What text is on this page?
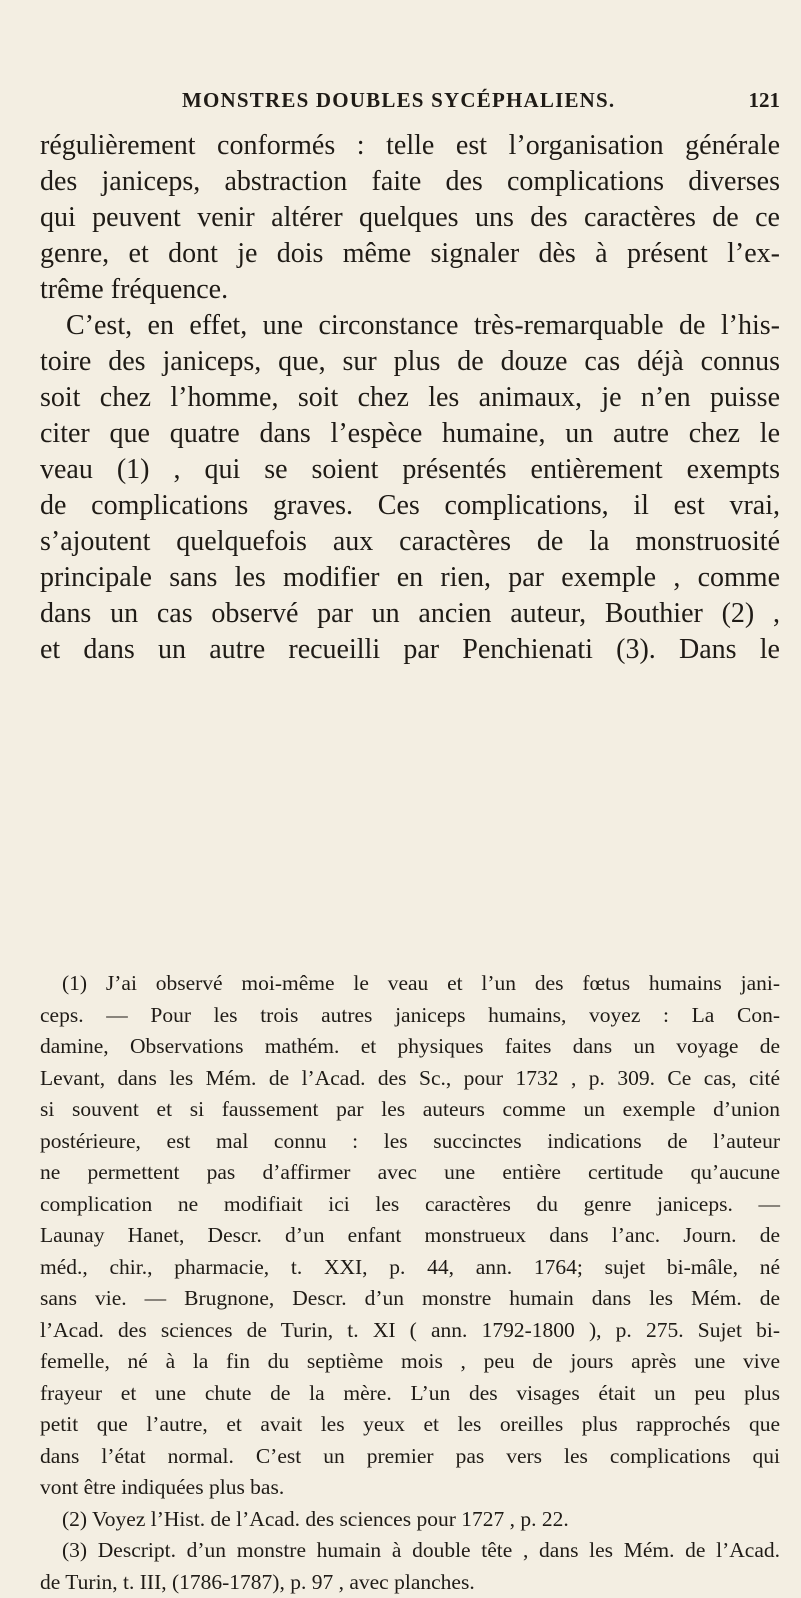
MONSTRES DOUBLES SYCÉPHALIENS.	121
régulièrement conformés : telle est l’organisation générale
des janiceps, abstraction faite des complications diverses
qui peuvent venir altérer quelques uns des caractères de ce
genre, et dont je dois même signaler dès à présent l’ex-
trême fréquence.
C’est, en effet, une circonstance très-remarquable de l’his-
toire des janiceps, que, sur plus de douze cas déjà connus
soit chez l’homme, soit chez les animaux, je n’en puisse
citer que quatre dans l’espèce humaine, un autre chez le
veau (1) , qui se soient présentés entièrement exempts
de complications graves. Ces complications, il est vrai,
s’ajoutent quelquefois aux caractères de la monstruosité
principale sans les modifier en rien, par exemple , comme
dans un cas observé par un ancien auteur, Bouthier (2) ,
et dans un autre recueilli par Penchienati (3). Dans le
(1) J’ai observé moi-même le veau et l’un des fœtus humains jani-
ceps. — Pour les trois autres janiceps humains, voyez : La Con-
damine, Observations mathém. et physiques faites dans un voyage de
Levant, dans les Mém. de l’Acad. des Sc., pour 1732 , p. 309. Ce cas, cité
si souvent et si faussement par les auteurs comme un exemple d’union
postérieure, est mal connu : les succinctes indications de l’auteur
ne permettent pas d’affirmer avec une entière certitude qu’aucune
complication ne modifiait ici les caractères du genre janiceps. —
Launay Hanet, Descr. d’un enfant monstrueux dans l’anc. Journ. de
méd., chir., pharmacie, t. XXI, p. 44, ann. 1764; sujet bi-mâle, né
sans vie. — Brugnone, Descr. d’un monstre humain dans les Mém. de
l’Acad. des sciences de Turin, t. XI ( ann. 1792-1800 ), p. 275. Sujet bi-
femelle, né à la fin du septième mois , peu de jours après une vive
frayeur et une chute de la mère. L’un des visages était un peu plus
petit que l’autre, et avait les yeux et les oreilles plus rapprochés que
dans l’état normal. C’est un premier pas vers les complications qui
vont être indiquées plus bas.
(2) Voyez l’Hist. de l’Acad. des sciences pour 1727 , p. 22.
(3) Descript. d’un monstre humain à double tête , dans les Mém. de l’Acad.
de Turin, t. III, (1786-1787), p. 97 , avec planches.
